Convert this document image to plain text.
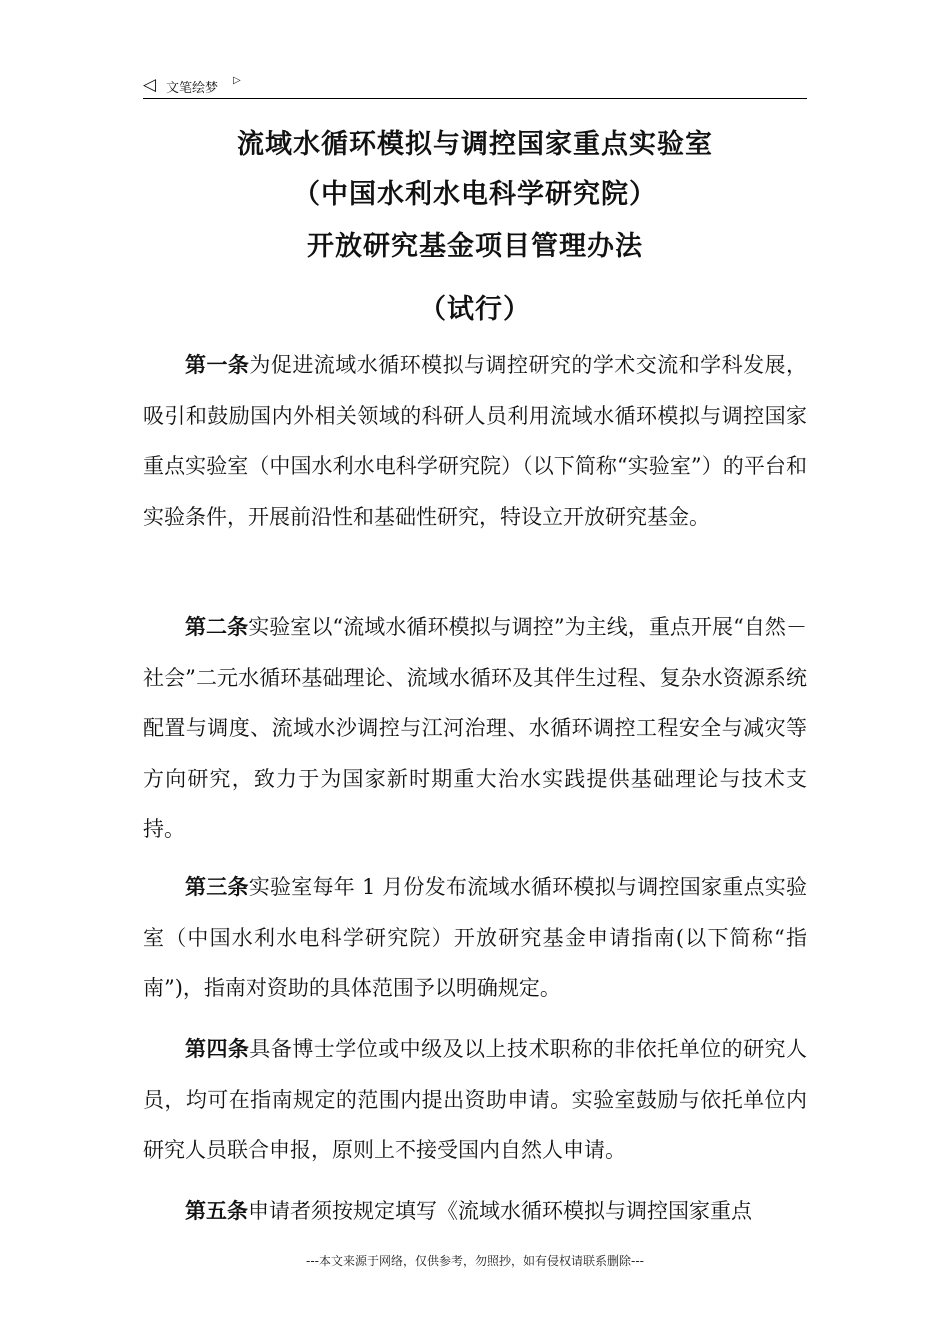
◁ 文笔绘梦
▷
流域水循环模拟与调控国家重点实验室
（中国水利水电科学研究院）
开放研究基金项目管理办法
（试行）

第一条为促进流域水循环模拟与调控研究的学术交流和学科发展，吸引和鼓励国内外相关领域的科研人员利用流域水循环模拟与调控国家重点实验室（中国水利水电科学研究院）（以下简称“实验室”）的平台和实验条件，开展前沿性和基础性研究，特设立开放研究基金。

第二条实验室以“流域水循环模拟与调控”为主线，重点开展“自然－社会”二元水循环基础理论、流域水循环及其伴生过程、复杂水资源系统配置与调度、流域水沙调控与江河治理、水循环调控工程安全与减灾等方向研究，致力于为国家新时期重大治水实践提供基础理论与技术支持。

第三条实验室每年 1 月份发布流域水循环模拟与调控国家重点实验室（中国水利水电科学研究院）开放研究基金申请指南(以下简称“指南”)，指南对资助的具体范围予以明确规定。

第四条具备博士学位或中级及以上技术职称的非依托单位的研究人员，均可在指南规定的范围内提出资助申请。实验室鼓励与依托单位内研究人员联合申报，原则上不接受国内自然人申请。

第五条申请者须按规定填写《流域水循环模拟与调控国家重点

---本文来源于网络，仅供参考，勿照抄，如有侵权请联系删除---
